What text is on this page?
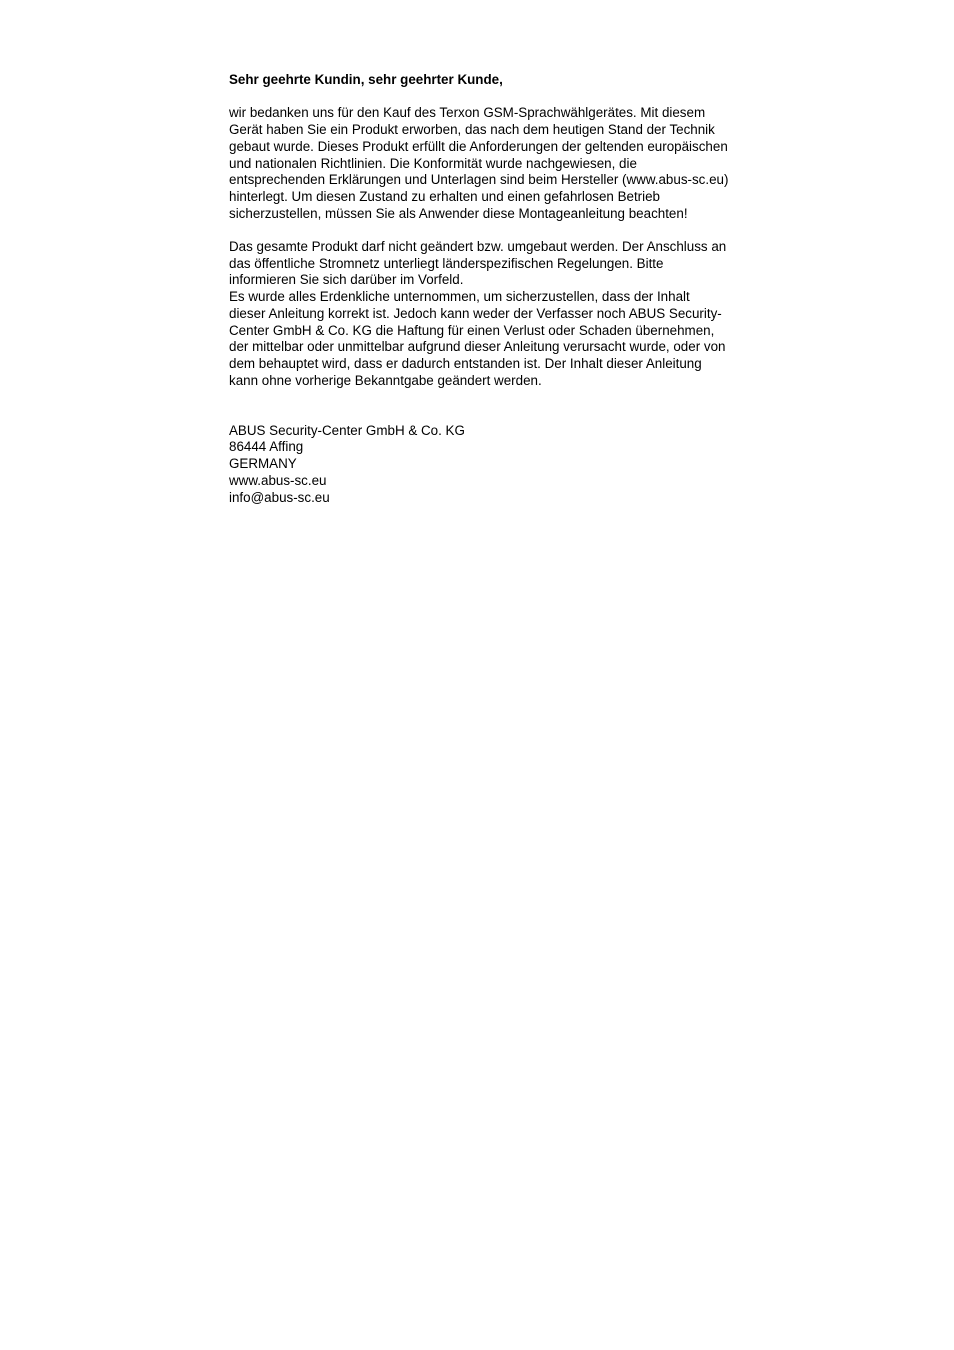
Sehr geehrte Kundin, sehr geehrter Kunde,

wir bedanken uns für den Kauf des Terxon GSM-Sprachwählgerätes. Mit diesem Gerät haben Sie ein Produkt erworben, das nach dem heutigen Stand der Technik gebaut wurde. Dieses Produkt erfüllt die Anforderungen der geltenden europäischen und nationalen Richtlinien. Die Konformität wurde nachgewiesen, die entsprechenden Erklärungen und Unterlagen sind beim Hersteller (www.abus-sc.eu) hinterlegt. Um diesen Zustand zu erhalten und einen gefahrlosen Betrieb sicherzustellen, müssen Sie als Anwender diese Montageanleitung beachten!

Das gesamte Produkt darf nicht geändert bzw. umgebaut werden. Der Anschluss an das öffentliche Stromnetz unterliegt länderspezifischen Regelungen. Bitte informieren Sie sich darüber im Vorfeld.

Es wurde alles Erdenkliche unternommen, um sicherzustellen, dass der Inhalt dieser Anleitung korrekt ist. Jedoch kann weder der Verfasser noch ABUS Security-Center GmbH & Co. KG die Haftung für einen Verlust oder Schaden übernehmen, der mittelbar oder unmittelbar aufgrund dieser Anleitung verursacht wurde, oder von dem behauptet wird, dass er dadurch entstanden ist. Der Inhalt dieser Anleitung kann ohne vorherige Bekanntgabe geändert werden.

ABUS Security-Center GmbH & Co. KG

86444 Affing

GERMANY

www.abus-sc.eu

info@abus-sc.eu
